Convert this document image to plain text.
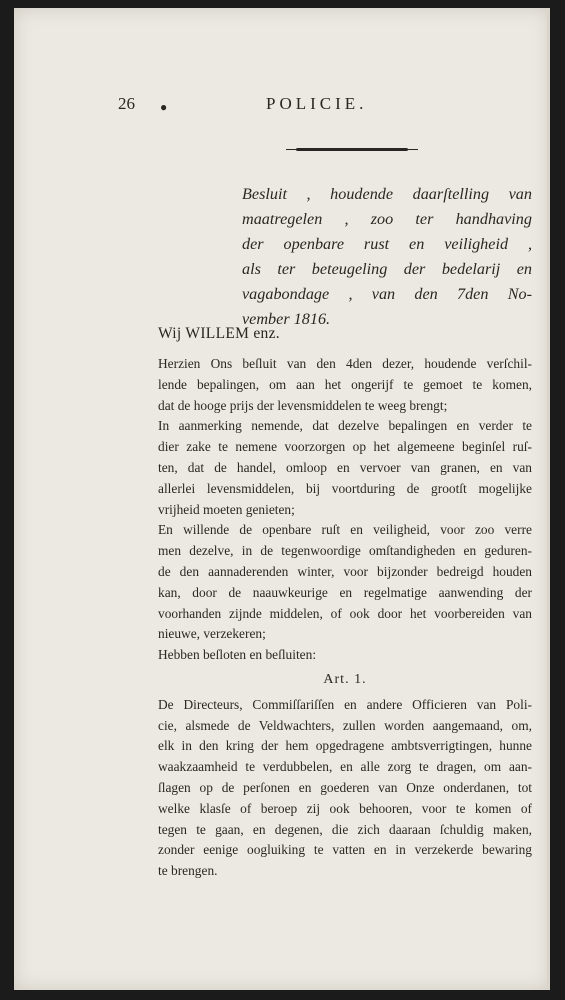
26 ●	POLICIE.
Besluit , houdende daarſtelling van
maatregelen , zoo ter handhaving
der openbare rust en veiligheid ,
als ter beteugeling der bedelarij en
vagabondage , van den 7den No-
vember 1816.
Wij WILLEM enz.
Herzien Ons beſluit van den 4den dezer, houdende verſchil-
lende bepalingen, om aan het ongerijf te gemoet te komen,
dat de hooge prijs der levensmiddelen te weeg brengt;
In aanmerking nemende, dat dezelve bepalingen en verder te
dier zake te nemene voorzorgen op het algemeene beginſel ruſ-
ten, dat de handel, omloop en vervoer van granen, en van
allerlei levensmiddelen, bij voortduring de grootſt mogelijke
vrijheid moeten genieten;
En willende de openbare ruſt en veiligheid, voor zoo verre
men dezelve, in de tegenwoordige omſtandigheden en geduren-
de den aannaderenden winter, voor bijzonder bedreigd houden
kan, door de naauwkeurige en regelmatige aanwending der
voorhanden zijnde middelen, of ook door het voorbereiden van
nieuwe, verzekeren;
Hebben beſloten en beſluiten:
Art. 1.
De Directeurs, Commiſſariſſen en andere Officieren van Poli-
cie, alsmede de Veldwachters, zullen worden aangemaand, om,
elk in den kring der hem opgedragene ambtsverrigtingen, hunne
waakzaamheid te verdubbelen, en alle zorg te dragen, om aan-
ſlagen op de perſonen en goederen van Onze onderdanen, tot
welke klasſe of beroep zij ook behooren, voor te komen of
tegen te gaan, en degenen, die zich daaraan ſchuldig maken,
zonder eenige oogluiking te vatten en in verzekerde bewaring
te brengen.
